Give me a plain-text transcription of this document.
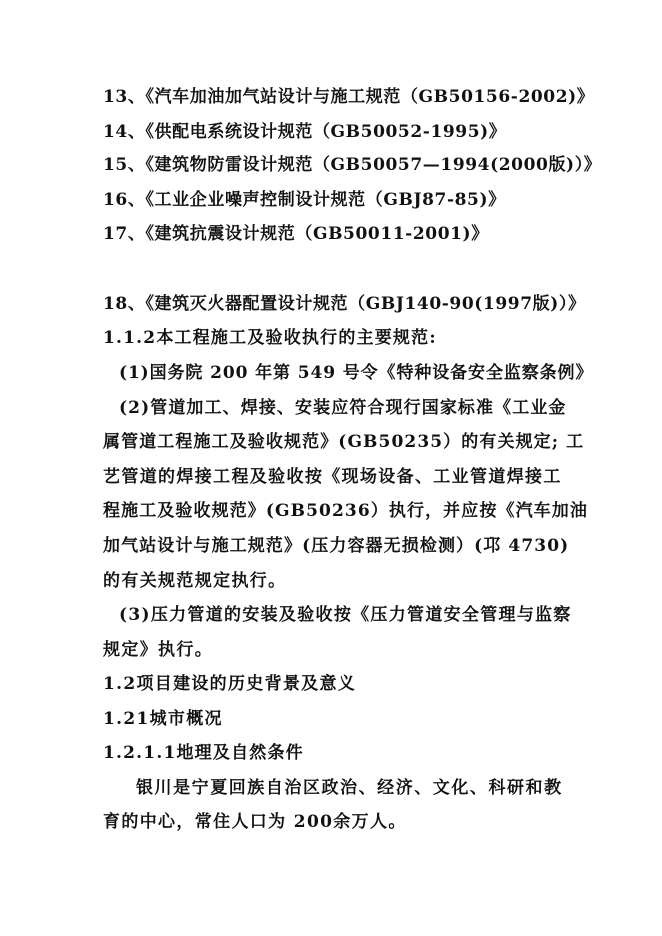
13、《汽车加油加气站设计与施工规范（GB50156-2002)》
14、《供配电系统设计规范（GB50052-1995)》
15、《建筑物防雷设计规范（GB50057—1994(2000版)）》
16、《工业企业噪声控制设计规范（GBJ87-85)》
17、《建筑抗震设计规范（GB50011-2001)》
18、《建筑灭火器配置设计规范（GBJ140-90(1997版)）》
1.1.2本工程施工及验收执行的主要规范:
(1)国务院 200 年第 549 号令《特种设备安全监察条例》
(2)管道加工、焊接、安装应符合现行国家标准《工业金
属管道工程施工及验收规范》(GB50235）的有关规定; 工
艺管道的焊接工程及验收按《现场设备、工业管道焊接工
程施工及验收规范》(GB50236）执行，并应按《汽车加油
加气站设计与施工规范》(压力容器无损检测）(邛 4730)
的有关规范规定执行。
(3)压力管道的安装及验收按《压力管道安全管理与监察
规定》执行。
1.2项目建设的历史背景及意义
1.21城市概况
1.2.1.1地理及自然条件
银川是宁夏回族自治区政治、经济、文化、科研和教
育的中心，常住人口为 200余万人。
